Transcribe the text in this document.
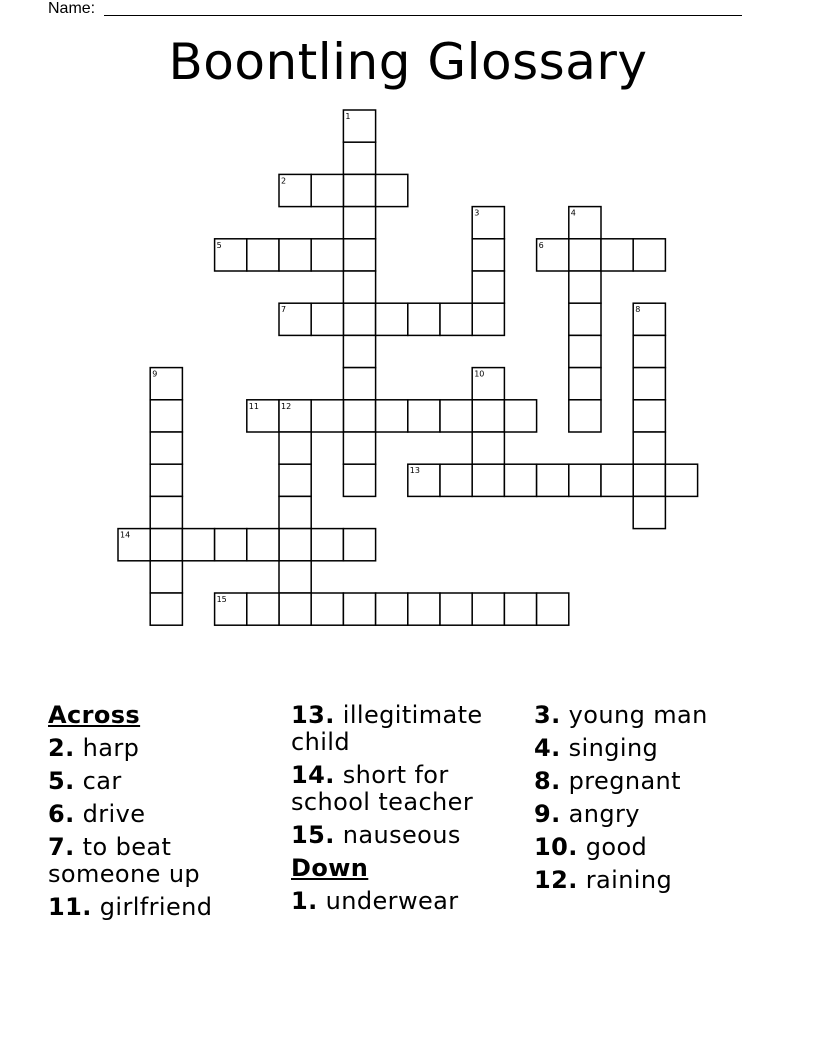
Name:
Boontling Glossary
1
2
3	4
5	6
7	8
9	10
11	12
13
14
15
Across
2. harp
5. car
6. drive
7. to beat someone up
11. girlfriend
13. illegitimate child
14. short for school teacher
15. nauseous
Down
1. underwear
3. young man
4. singing
8. pregnant
9. angry
10. good
12. raining
